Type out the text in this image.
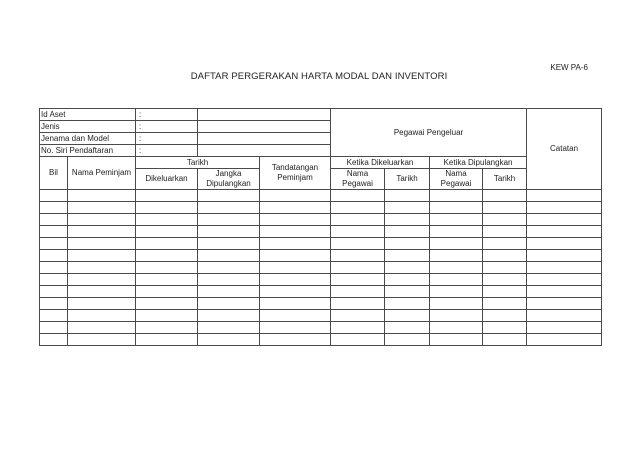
KEW PA-6
DAFTAR PERGERAKAN HARTA MODAL DAN INVENTORI
Id Aset		:			Pegawai Pengeluar				Catatan
Jenis		:							
Jenama dan Model		:							
No. Siri Pendaftaran		:							
Bil	Nama Peminjam	Tarikh		Tandatangan Peminjam	Ketika Dikeluarkan		Ketika Dipulangkan		

		Dikeluarkan	Jangka Dipulangkan		Nama Pegawai	Tarikh	Nama Pegawai	Tarikh	
